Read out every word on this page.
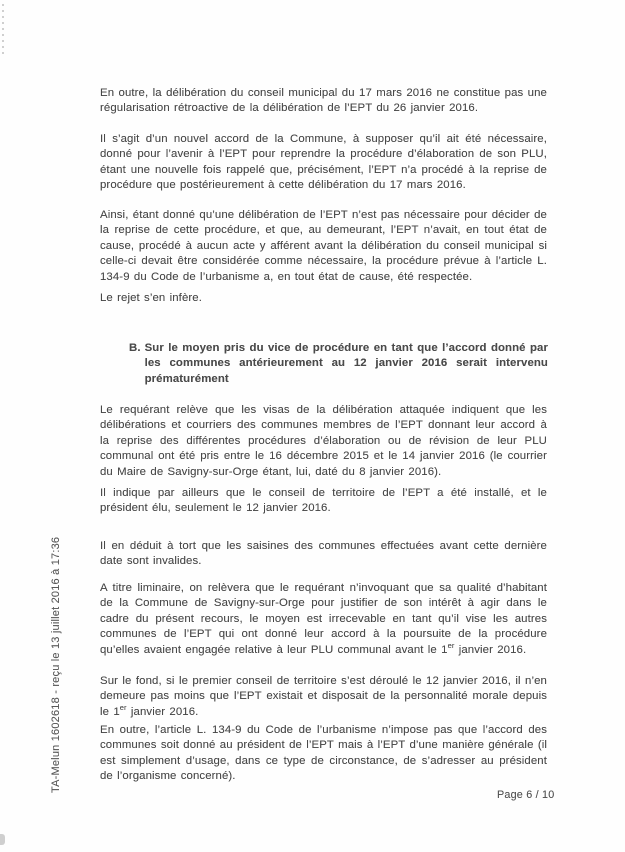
TA-Melun 1602618 - reçu le 13 juillet 2016 à 17:36

En outre, la délibération du conseil municipal du 17 mars 2016 ne constitue pas une régularisation rétroactive de la délibération de l’EPT du 26 janvier 2016.

Il s’agit d’un nouvel accord de la Commune, à supposer qu’il ait été nécessaire, donné pour l’avenir à l’EPT pour reprendre la procédure d’élaboration de son PLU, étant une nouvelle fois rappelé que, précisément, l’EPT n’a procédé à la reprise de procédure que postérieurement à cette délibération du 17 mars 2016.

Ainsi, étant donné qu’une délibération de l’EPT n’est pas nécessaire pour décider de la reprise de cette procédure, et que, au demeurant, l’EPT n’avait, en tout état de cause, procédé à aucun acte y afférent avant la délibération du conseil municipal si celle-ci devait être considérée comme nécessaire, la procédure prévue à l’article L. 134-9 du Code de l’urbanisme a, en tout état de cause, été respectée.

Le rejet s’en infère.

B. Sur le moyen pris du vice de procédure en tant que l’accord donné par les communes antérieurement au 12 janvier 2016 serait intervenu prématurément

Le requérant relève que les visas de la délibération attaquée indiquent que les délibérations et courriers des communes membres de l’EPT donnant leur accord à la reprise des différentes procédures d’élaboration ou de révision de leur PLU communal ont été pris entre le 16 décembre 2015 et le 14 janvier 2016 (le courrier du Maire de Savigny-sur-Orge étant, lui, daté du 8 janvier 2016).

Il indique par ailleurs que le conseil de territoire de l’EPT a été installé, et le président élu, seulement le 12 janvier 2016.

Il en déduit à tort que les saisines des communes effectuées avant cette dernière date sont invalides.

A titre liminaire, on relèvera que le requérant n’invoquant que sa qualité d’habitant de la Commune de Savigny-sur-Orge pour justifier de son intérêt à agir dans le cadre du présent recours, le moyen est irrecevable en tant qu’il vise les autres communes de l’EPT qui ont donné leur accord à la poursuite de la procédure qu’elles avaient engagée relative à leur PLU communal avant le 1er janvier 2016.

Sur le fond, si le premier conseil de territoire s’est déroulé le 12 janvier 2016, il n’en demeure pas moins que l’EPT existait et disposait de la personnalité morale depuis le 1er janvier 2016.

En outre, l’article L. 134-9 du Code de l’urbanisme n’impose pas que l’accord des communes soit donné au président de l’EPT mais à l’EPT d’une manière générale (il est simplement d’usage, dans ce type de circonstance, de s’adresser au président de l’organisme concerné).

Page 6 / 10
